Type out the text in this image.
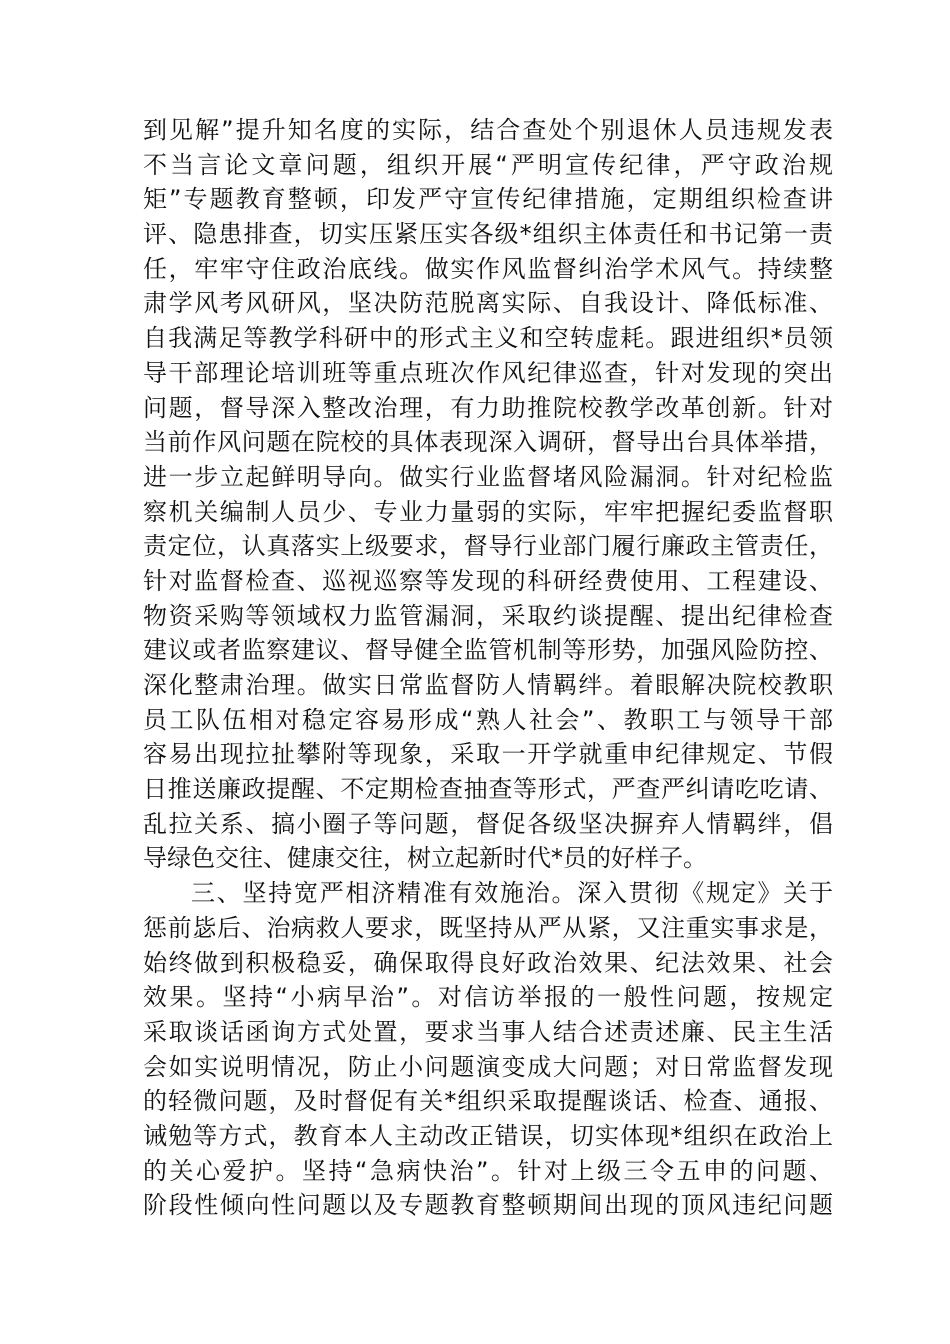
到见解”提升知名度的实际，结合查处个别退休人员违规发表
不当言论文章问题，组织开展“严明宣传纪律，严守政治规
矩”专题教育整顿，印发严守宣传纪律措施，定期组织检查讲
评、隐患排查，切实压紧压实各级*组织主体责任和书记第一责
任，牢牢守住政治底线。做实作风监督纠治学术风气。持续整
肃学风考风研风，坚决防范脱离实际、自我设计、降低标准、
自我满足等教学科研中的形式主义和空转虚耗。跟进组织*员领
导干部理论培训班等重点班次作风纪律巡查，针对发现的突出
问题，督导深入整改治理，有力助推院校教学改革创新。针对
当前作风问题在院校的具体表现深入调研，督导出台具体举措，
进一步立起鲜明导向。做实行业监督堵风险漏洞。针对纪检监
察机关编制人员少、专业力量弱的实际，牢牢把握纪委监督职
责定位，认真落实上级要求，督导行业部门履行廉政主管责任，
针对监督检查、巡视巡察等发现的科研经费使用、工程建设、
物资采购等领域权力监管漏洞，采取约谈提醒、提出纪律检查
建议或者监察建议、督导健全监管机制等形势，加强风险防控、
深化整肃治理。做实日常监督防人情羁绊。着眼解决院校教职
员工队伍相对稳定容易形成“熟人社会”、教职工与领导干部
容易出现拉扯攀附等现象，采取一开学就重申纪律规定、节假
日推送廉政提醒、不定期检查抽查等形式，严查严纠请吃吃请、
乱拉关系、搞小圈子等问题，督促各级坚决摒弃人情羁绊，倡
导绿色交往、健康交往，树立起新时代*员的好样子。
三、坚持宽严相济精准有效施治。深入贯彻《规定》关于
惩前毖后、治病救人要求，既坚持从严从紧，又注重实事求是，
始终做到积极稳妥，确保取得良好政治效果、纪法效果、社会
效果。坚持“小病早治”。对信访举报的一般性问题，按规定
采取谈话函询方式处置，要求当事人结合述责述廉、民主生活
会如实说明情况，防止小问题演变成大问题；对日常监督发现
的轻微问题，及时督促有关*组织采取提醒谈话、检查、通报、
诫勉等方式，教育本人主动改正错误，切实体现*组织在政治上
的关心爱护。坚持“急病快治”。针对上级三令五申的问题、
阶段性倾向性问题以及专题教育整顿期间出现的顶风违纪问题
